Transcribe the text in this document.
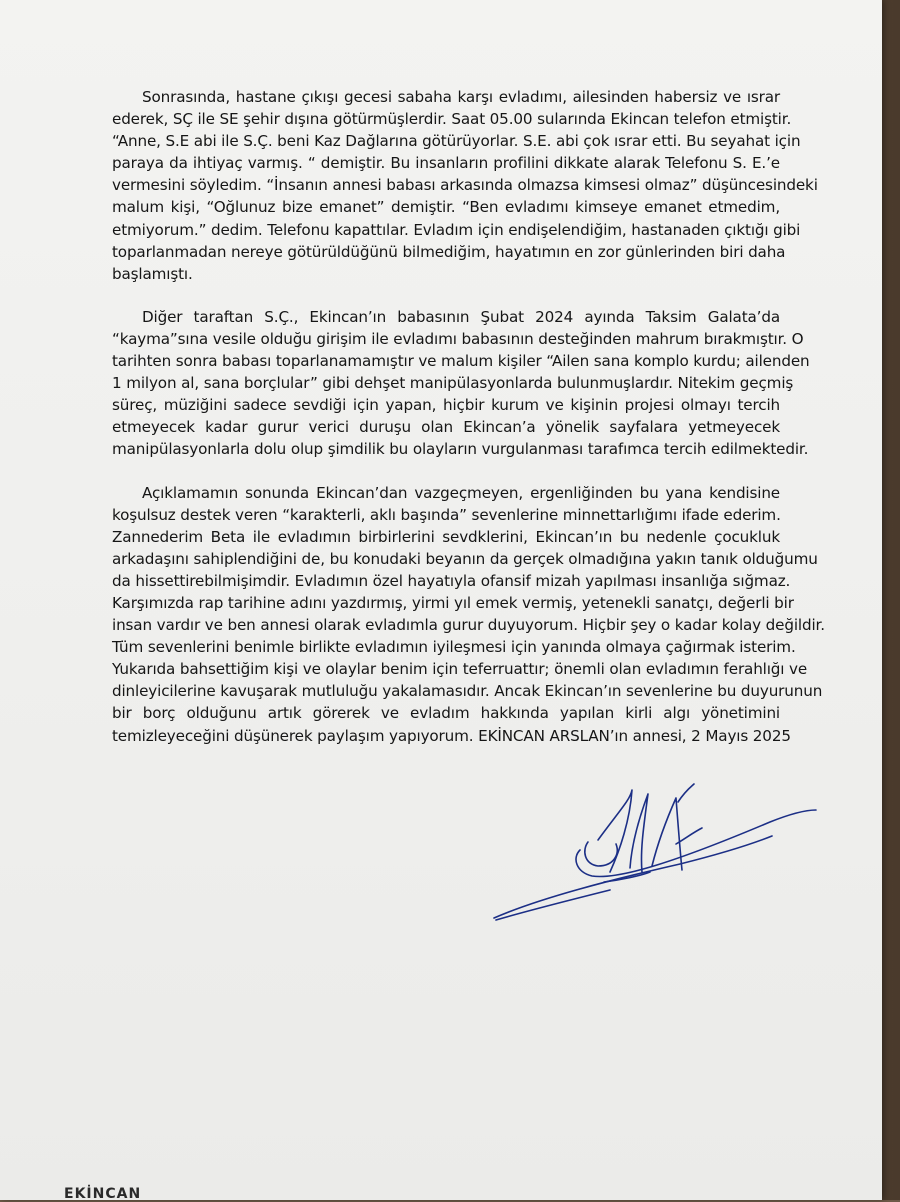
Sonrasında, hastane çıkışı gecesi sabaha karşı evladımı, ailesinden habersiz ve ısrar
ederek, SÇ ile SE şehir dışına götürmüşlerdir. Saat 05.00 sularında Ekincan telefon etmiştir.
“Anne, S.E abi ile S.Ç. beni Kaz Dağlarına götürüyorlar. S.E. abi çok ısrar etti. Bu seyahat için
paraya da ihtiyaç varmış. “ demiştir. Bu insanların profilini dikkate alarak Telefonu S. E.’e
vermesini söyledim. “İnsanın annesi babası arkasında olmazsa kimsesi olmaz” düşüncesindeki
malum kişi, “Oğlunuz bize emanet” demiştir. “Ben evladımı kimseye emanet etmedim,
etmiyorum.” dedim. Telefonu kapattılar. Evladım için endişelendiğim, hastanaden çıktığı gibi
toparlanmadan nereye götürüldüğünü bilmediğim, hayatımın en zor günlerinden biri daha
başlamıştı.
Diğer taraftan S.Ç., Ekincan’ın babasının Şubat 2024 ayında Taksim Galata’da
“kayma”sına vesile olduğu girişim ile evladımı babasının desteğinden mahrum bırakmıştır. O
tarihten sonra babası toparlanamamıştır ve malum kişiler “Ailen sana komplo kurdu; ailenden
1 milyon al, sana borçlular” gibi dehşet manipülasyonlarda bulunmuşlardır. Nitekim geçmiş
süreç, müziğini sadece sevdiği için yapan, hiçbir kurum ve kişinin projesi olmayı tercih
etmeyecek kadar gurur verici duruşu olan Ekincan’a yönelik sayfalara yetmeyecek
manipülasyonlarla dolu olup şimdilik bu olayların vurgulanması tarafımca tercih edilmektedir.
Açıklamamın sonunda Ekincan’dan vazgeçmeyen, ergenliğinden bu yana kendisine
koşulsuz destek veren “karakterli, aklı başında” sevenlerine minnettarlığımı ifade ederim.
Zannederim Beta ile evladımın birbirlerini sevdklerini, Ekincan’ın bu nedenle çocukluk
arkadaşını sahiplendiğini de, bu konudaki beyanın da gerçek olmadığına yakın tanık olduğumu
da hissettirebilmişimdir. Evladımın özel hayatıyla ofansif mizah yapılması insanlığa sığmaz.
Karşımızda rap tarihine adını yazdırmış, yirmi yıl emek vermiş, yetenekli sanatçı, değerli bir
insan vardır ve ben annesi olarak evladımla gurur duyuyorum. Hiçbir şey o kadar kolay değildir.
Tüm sevenlerini benimle birlikte evladımın iyileşmesi için yanında olmaya çağırmak isterim.
Yukarıda bahsettiğim kişi ve olaylar benim için teferruattır; önemli olan evladımın ferahlığı ve
dinleyicilerine kavuşarak mutluluğu yakalamasıdır. Ancak Ekincan’ın sevenlerine bu duyurunun
bir borç olduğunu artık görerek ve evladım hakkında yapılan kirli algı yönetimini
temizleyeceğini düşünerek paylaşım yapıyorum. EKİNCAN ARSLAN’ın annesi, 2 Mayıs 2025
EKİNCAN
